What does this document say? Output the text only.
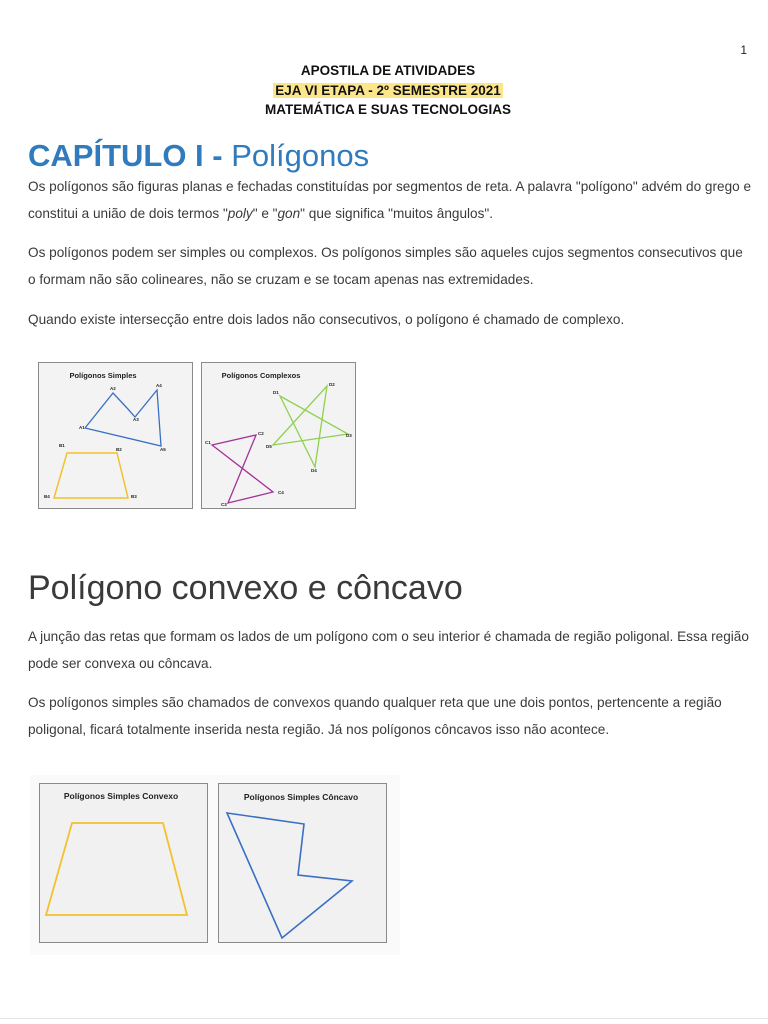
1
APOSTILA DE ATIVIDADES
EJA VI ETAPA - 2º SEMESTRE 2021
MATEMÁTICA E SUAS TECNOLOGIAS
CAPÍTULO I - Polígonos

Os polígonos são figuras planas e fechadas constituídas por segmentos de reta. A palavra "polígono" advém do grego e constitui a união de dois termos "poly" e "gon" que significa "muitos ângulos".

Os polígonos podem ser simples ou complexos. Os polígonos simples são aqueles cujos segmentos consecutivos que o formam não são colineares, não se cruzam e se tocam apenas nas extremidades.

Quando existe intersecção entre dois lados não consecutivos, o polígono é chamado de complexo.

Polígonos Simples
A1
A2
A3
A4
A5
B1
B2
B3
B4
Polígonos Complexos
C1
C2
C3
C4
D1
D2
D3
D4
D5
Polígono convexo e côncavo

A junção das retas que formam os lados de um polígono com o seu interior é chamada de região poligonal. Essa região pode ser convexa ou côncava.

Os polígonos simples são chamados de convexos quando qualquer reta que une dois pontos, pertencente a região poligonal, ficará totalmente inserida nesta região. Já nos polígonos côncavos isso não acontece.

Polígonos Simples Convexo	Polígonos Simples Côncavo
